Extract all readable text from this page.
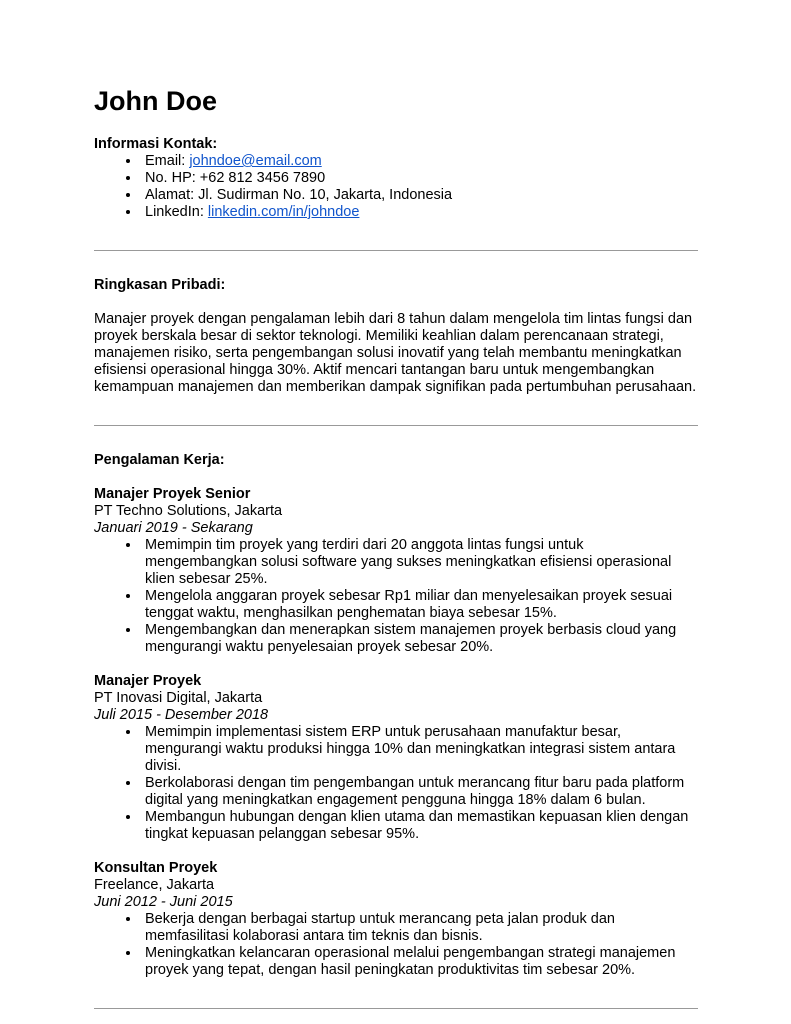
John Doe

Informasi Kontak:

• Email: johndoe@email.com
• No. HP: +62 812 3456 7890
• Alamat: Jl. Sudirman No. 10, Jakarta, Indonesia
• LinkedIn: linkedin.com/in/johndoe

Ringkasan Pribadi:

Manajer proyek dengan pengalaman lebih dari 8 tahun dalam mengelola tim lintas fungsi dan proyek berskala besar di sektor teknologi. Memiliki keahlian dalam perencanaan strategi, manajemen risiko, serta pengembangan solusi inovatif yang telah membantu meningkatkan efisiensi operasional hingga 30%. Aktif mencari tantangan baru untuk mengembangkan kemampuan manajemen dan memberikan dampak signifikan pada pertumbuhan perusahaan.

Pengalaman Kerja:

Manajer Proyek Senior

PT Techno Solutions, Jakarta

Januari 2019 - Sekarang

• Memimpin tim proyek yang terdiri dari 20 anggota lintas fungsi untuk mengembangkan solusi software yang sukses meningkatkan efisiensi operasional klien sebesar 25%.
• Mengelola anggaran proyek sebesar Rp1 miliar dan menyelesaikan proyek sesuai tenggat waktu, menghasilkan penghematan biaya sebesar 15%.
• Mengembangkan dan menerapkan sistem manajemen proyek berbasis cloud yang mengurangi waktu penyelesaian proyek sebesar 20%.

Manajer Proyek

PT Inovasi Digital, Jakarta

Juli 2015 - Desember 2018

• Memimpin implementasi sistem ERP untuk perusahaan manufaktur besar, mengurangi waktu produksi hingga 10% dan meningkatkan integrasi sistem antara divisi.
• Berkolaborasi dengan tim pengembangan untuk merancang fitur baru pada platform digital yang meningkatkan engagement pengguna hingga 18% dalam 6 bulan.
• Membangun hubungan dengan klien utama dan memastikan kepuasan klien dengan tingkat kepuasan pelanggan sebesar 95%.

Konsultan Proyek

Freelance, Jakarta

Juni 2012 - Juni 2015

• Bekerja dengan berbagai startup untuk merancang peta jalan produk dan memfasilitasi kolaborasi antara tim teknis dan bisnis.
• Meningkatkan kelancaran operasional melalui pengembangan strategi manajemen proyek yang tepat, dengan hasil peningkatan produktivitas tim sebesar 20%.
